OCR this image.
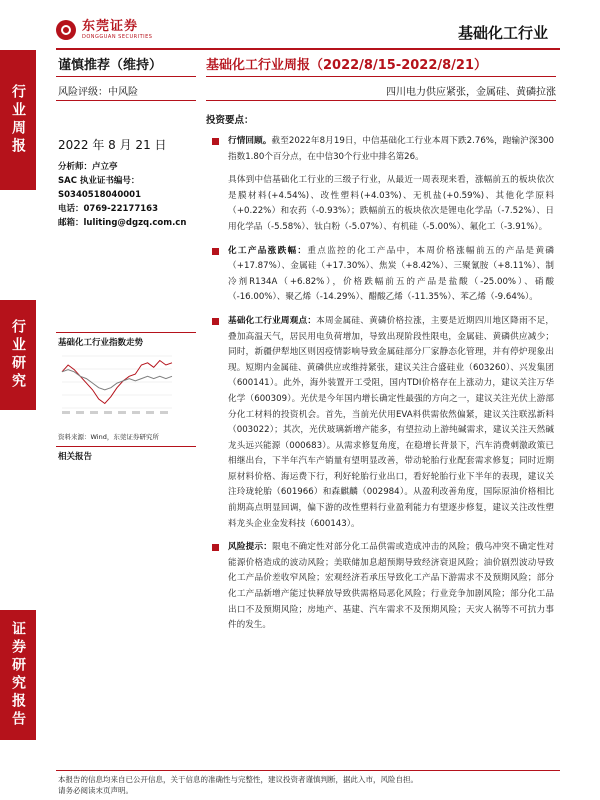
东莞证券
DONGGUAN SECURITIES	基础化工行业
行业周报
行业研究
证券研究报告
谨慎推荐（维持）	基础化工行业周报（2022/8/15-2022/8/21）
风险评级：中风险	四川电力供应紧张，金属硅、黄磷拉涨
2022 年 8 月 21 日
分析师：卢立亭
SAC 执业证书编号：
S0340518040001
电话：0769-22177163
邮箱：luliting@dgzq.com.cn
基础化工行业指数走势
资料来源：Wind，东莞证券研究所
相关报告
投资要点：

行情回顾。截至2022年8月19日，中信基础化工行业本周下跌2.76%，跑输沪深300指数1.80个百分点，在中信30个行业中排名第26。

具体到中信基础化工行业的三级子行业，从最近一周表现来看，涨幅前五的板块依次是膜材料(+4.54%)、改性塑料(+4.03%)、无机盐(+0.59%)、其他化学原料（+0.22%）和农药（-0.93%）；跌幅前五的板块依次是锂电化学品（-7.52%）、日用化学品（-5.58%）、钛白粉（-5.07%）、有机硅（-5.00%）、氟化工（-3.91%）。

化工产品涨跌幅：重点监控的化工产品中，本周价格涨幅前五的产品是黄磷（+17.87%）、金属硅（+17.30%）、焦炭（+8.42%）、三聚氰胺（+8.11%）、制冷剂R134A（+6.82%），价格跌幅前五的产品是盐酸（-25.00%）、硝酸（-16.00%）、聚乙烯（-14.29%）、醋酸乙烯（-11.35%）、苯乙烯（-9.64%）。

基础化工行业周观点：本周金属硅、黄磷价格拉涨，主要是近期四川地区降雨不足，叠加高温天气，居民用电负荷增加，导致出现阶段性限电，金属硅、黄磷供应减少；同时，新疆伊犁地区则因疫情影响导致金属硅部分厂家静态化管理，并有停炉现象出现。短期内金属硅、黄磷供应或维持紧张，建议关注合盛硅业（603260）、兴发集团（600141）。此外，海外装置开工受阻，国内TDI价格存在上涨动力，建议关注万华化学（600309）。光伏是今年国内增长确定性最强的方向之一，建议关注光伏上游部分化工材料的投资机会。首先，当前光伏用EVA料供需依然偏紧，建议关注联泓新料（003022）；其次，光伏玻璃新增产能多，有望拉动上游纯碱需求，建议关注天然碱龙头远兴能源（000683）。从需求修复角度，在稳增长背景下，汽车消费刺激政策已相继出台，下半年汽车产销量有望明显改善，带动轮胎行业配套需求修复；同时近期原材料价格、海运费下行，利好轮胎行业出口，看好轮胎行业下半年的表现，建议关注玲珑轮胎（601966）和森麒麟（002984）。从盈利改善角度，国际原油价格相比前期高点明显回调，偏下游的改性塑料行业盈利能力有望逐步修复，建议关注改性塑料龙头企业金发科技（600143）。

风险提示：限电不确定性对部分化工品供需或造成冲击的风险；俄乌冲突不确定性对能源价格造成的波动风险；美联储加息超预期导致经济衰退风险；油价剧烈波动导致化工产品价差收窄风险；宏观经济若承压导致化工产品下游需求不及预期风险；部分化工产品新增产能过快释放导致供需格局恶化风险；行业竞争加剧风险；部分化工品出口不及预期风险；房地产、基建、汽车需求不及预期风险；天灾人祸等不可抗力事件的发生。

本报告的信息均来自已公开信息，关于信息的准确性与完整性，建议投资者谨慎判断，据此入市，风险自担。
请务必阅读末页声明。
